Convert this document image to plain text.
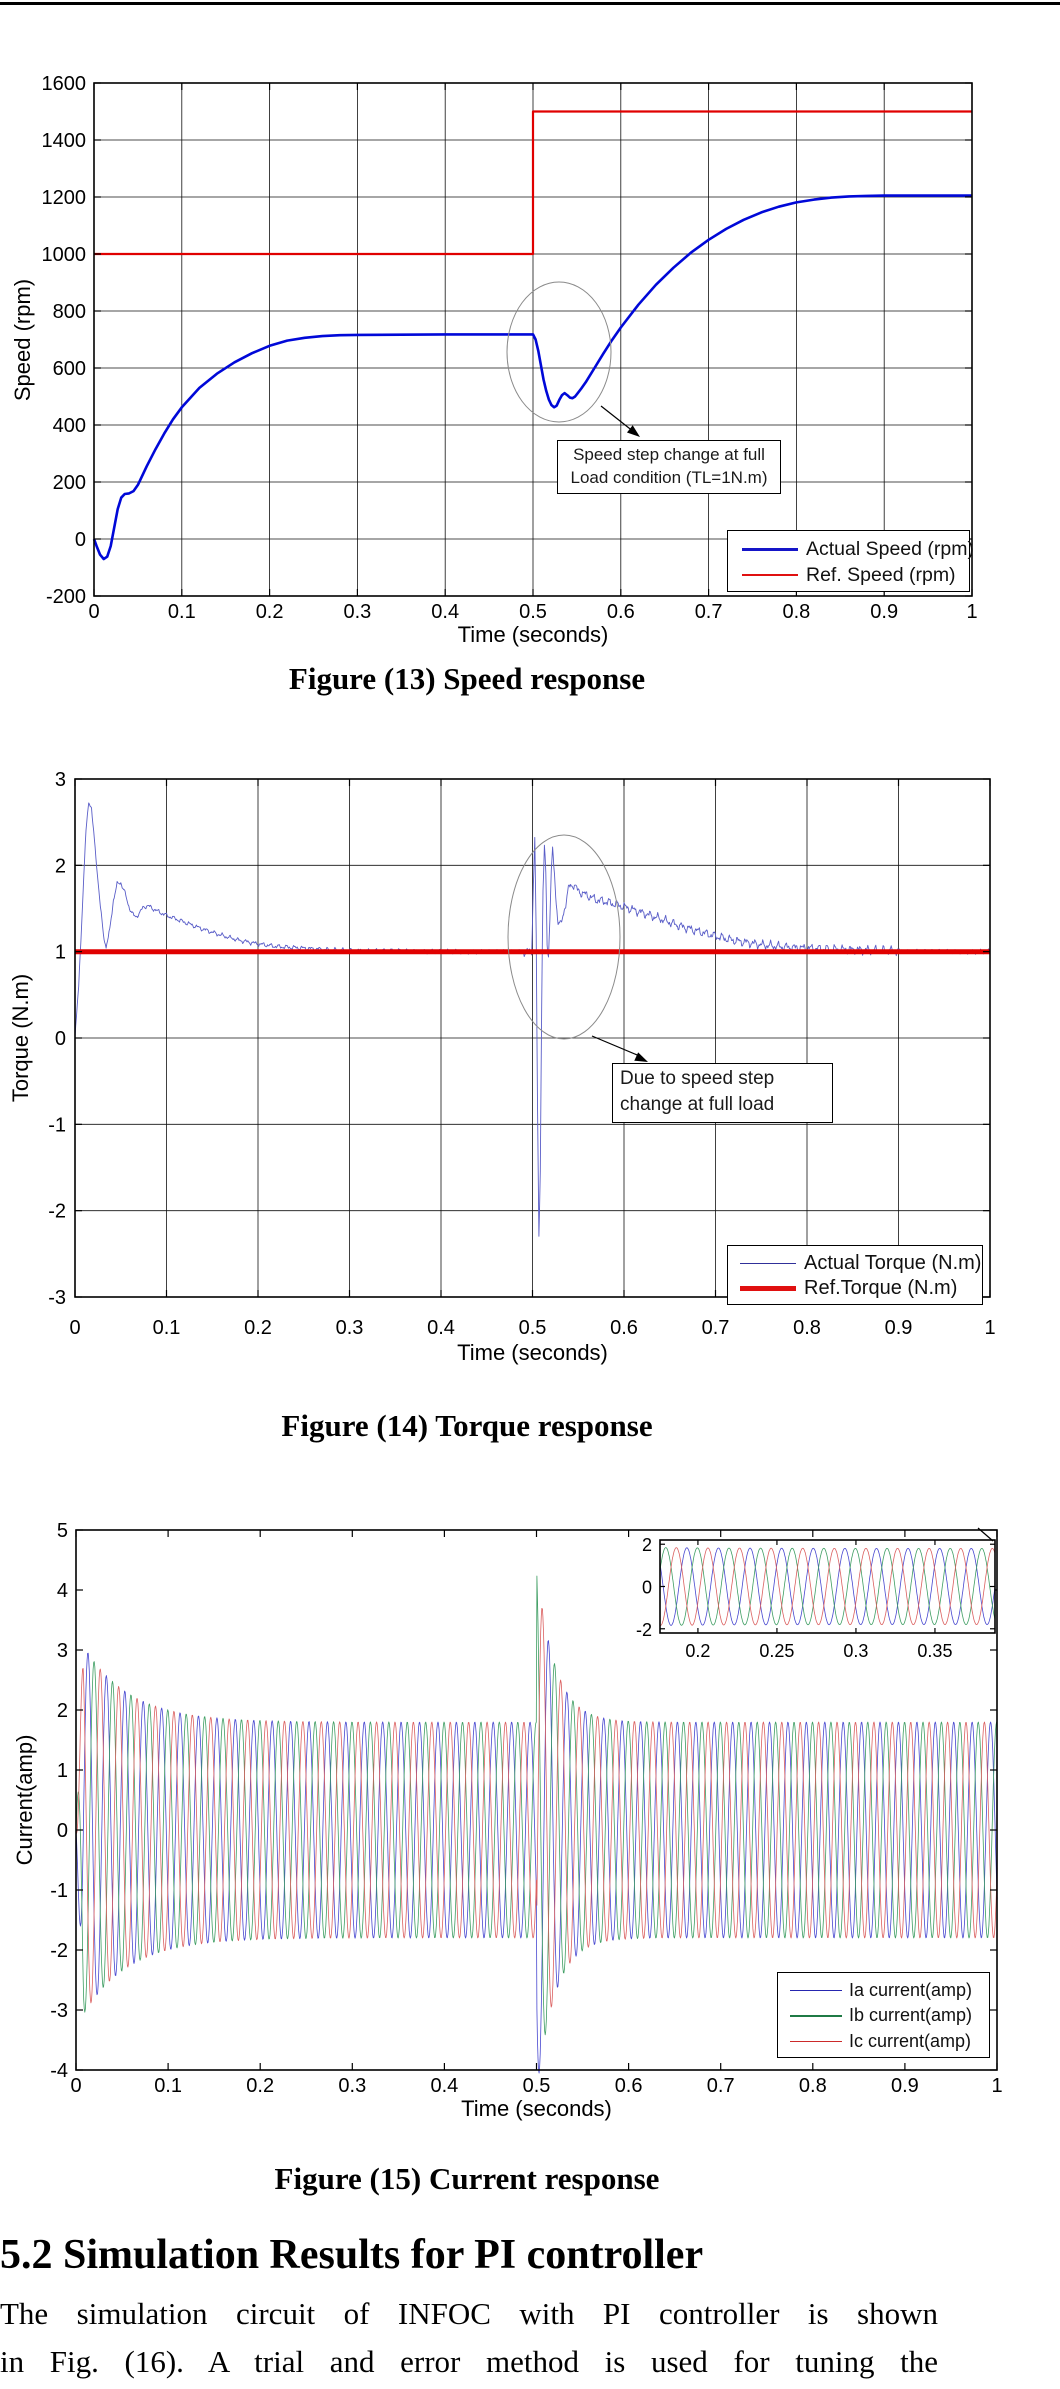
0	0.1	0.2	0.3	0.4	0.5	0.6	0.7	0.8	0.9	1
-200
0
200
400
600
800
1000
1200
1400
1600
Time (seconds)
Speed (rpm)
0	0.1	0.2	0.3	0.4	0.5	0.6	0.7	0.8	0.9	1
-3
-2
-1
0
1
2
3
Time (seconds)
Torque (N.m)
0	0.1	0.2	0.3	0.4	0.5	0.6	0.7	0.8	0.9	1
-4
-3
-2
-1
0
1
2
3
4
5
Time (seconds)
Current(amp)
0.2	0.25	0.3	0.35
2
0
-2
Figure (13) Speed response
Figure (14) Torque response
Figure (15) Current response
Speed step change at full
Load condition (TL=1N.m)
Due to speed step
change at full load
Actual Speed (rpm)
Ref. Speed (rpm)
Actual Torque (N.m)
Ref.Torque (N.m)
Ia current(amp)
Ib current(amp)
Ic current(amp)
5.2 Simulation Results for PI controller
The simulation circuit of INFOC with PI controller is shown
in Fig. (16). A trial and error method is used for tuning the
